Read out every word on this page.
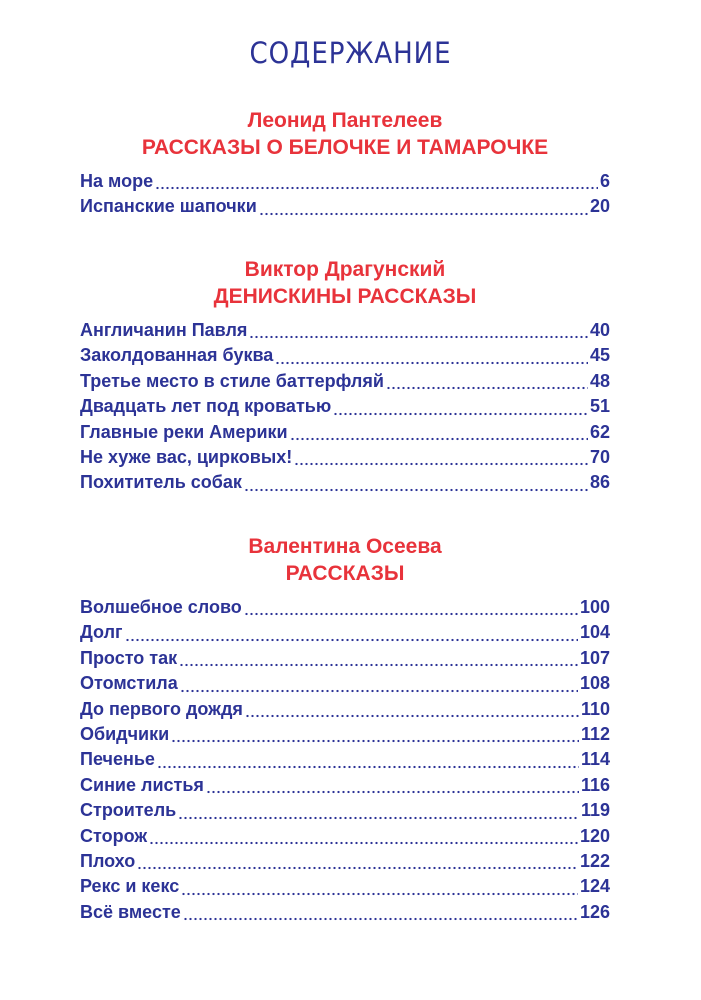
СОДЕРЖАНИЕ
Леонид Пантелеев
РАССКАЗЫ О БЕЛОЧКЕ И ТАМАРОЧКЕ
На море	6
Испанские шапочки	20
Виктор Драгунский
ДЕНИСКИНЫ РАССКАЗЫ
Англичанин Павля	40
Заколдованная буква	45
Третье место в стиле баттерфляй	48
Двадцать лет под кроватью	51
Главные реки Америки	62
Не хуже вас, цирковых!	70
Похититель собак	86
Валентина Осеева
РАССКАЗЫ
Волшебное слово	100
Долг	104
Просто так	107
Отомстила	108
До первого дождя	110
Обидчики	112
Печенье	114
Синие листья	116
Строитель	119
Сторож	120
Плохо	122
Рекс и кекс	124
Всё вместе	126
